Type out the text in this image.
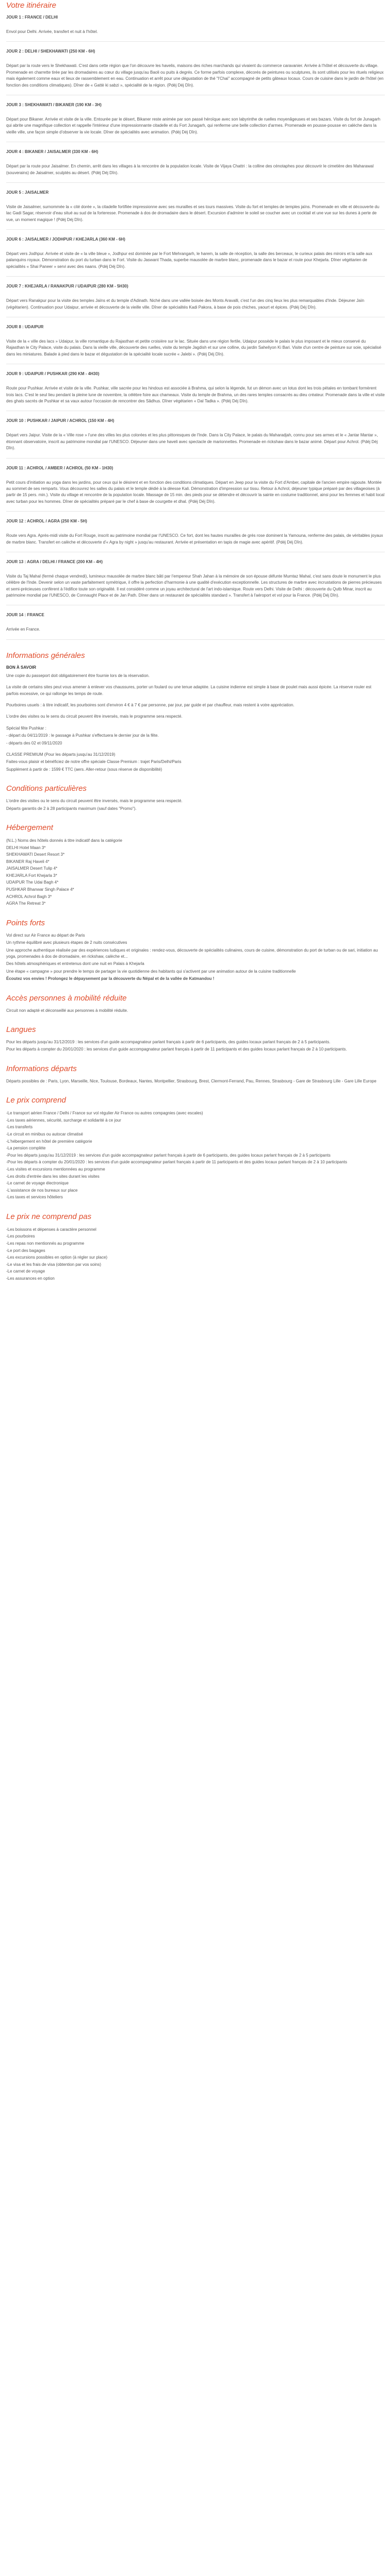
Votre itinéraire
JOUR 1 : FRANCE / DELHI

Envol pour Delhi. Arrivée, transfert et nuit à l'hôtel.

JOUR 2 : DELHI / SHEKHAWATI (250 KM - 6H)

Départ par la route vers le Shekhawati. C'est dans cette région que l'on découvre les havelis, maisons des riches marchands qui vivaient du commerce caravanier. Arrivée à l'hôtel et découverte du village. Promenade en charrette tirée par les dromadaires au cœur du village jusqu'au Baoli ou puits à degrés. Ce forme parfois complexe, décorés de peintures ou sculptures, ils sont utilisés pour les rituels religieux mais également comme eaux et lieux de rassemblement en eau. Continuation et arrêt pour une dégustation de thé "l'Chai" accompagné de petits gâteaux locaux. Cours de cuisine dans le jardin de l'hôtel (en fonction des conditions climatiques). Dîner de « Gattè ki sabzi », spécialité de la région. (Pdéj Déj Dîn).

JOUR 3 : SHEKHAWATI / BIKANER (190 KM - 3H)

Départ pour Bikaner. Arrivée et visite de la ville. Entourée par le désert, Bikaner reste animée par son passé héroïque avec son labyrinthe de ruelles moyenâgeuses et ses bazars. Visite du fort de Junagarh qui abrite une magnifique collection et rappelle l'intérieur d'une impressionnante citadelle et du Fort Junagarh, qui renferme une belle collection d'armes. Promenade en pousse-pousse en calèche dans la vieille ville, une façon simple d'observer la vie locale. Dîner de spécialités avec animation. (Pdéj Déj Dîn).

JOUR 4 : BIKANER / JAISALMER (330 KM - 6H)

Départ par la route pour Jaisalmer. En chemin, arrêt dans les villages à la rencontre de la population locale. Visite de Vijaya Chattri : la colline des cénotaphes pour découvrir le cimetière des Maharawal (souverains) de Jaisalmer, sculptés au désert. (Pdéj Déj Dîn).

JOUR 5 : JAISALMER

Visite de Jaisalmer, surnommée la « cité dorée », la citadelle fortifiée impressionne avec ses murailles et ses tours massives. Visite du fort et temples de temples jaïns. Promenade en ville et découverte du lac Gadi Sagar, réservoir d'eau situé au sud de la forteresse. Promenade à dos de dromadaire dans le désert. Excursion d'admirer le soleil se coucher avec un cocktail et une vue sur les dunes à perte de vue, un moment magique ! (Pdéj Déj Dîn).

JOUR 6 : JAISALMER / JODHPUR / KHEJARLA (360 KM - 6H)

Départ vers Jodhpur. Arrivée et visite de « la ville bleue », Jodhpur est dominée par le Fort Mehrangarh, le harem, la salle de réception, la salle des berceaux, le curieux palais des miroirs et la salle aux palanquins royaux. Démonstration du port du turban dans le Fort. Visite du Jaswant Thada, superbe mausolée de marbre blanc, promenade dans le bazar et route pour Khejarla. Dîner végétarien de spécialités « Shai Paneer » servi avec des naans. (Pdéj Déj Dîn).

JOUR 7 : KHEJARLA / RANAKPUR / UDAIPUR (280 KM - 5H30)

Départ vers Ranakpur pour la visite des temples Jaïns et du temple d'Adinath. Niché dans une vallée boisée des Monts Aravalli, c'est l'un des cinq lieux les plus remarquables d'Inde. Déjeuner Jaïn (végétarien). Continuation pour Udaipur, arrivée et découverte de la vieille ville. Dîner de spécialités Kadi Pakora, à base de pois chiches, yaourt et épices. (Pdéj Déj Dîn).

JOUR 8 : UDAIPUR

Visite de la « ville des lacs » Udaipur, la ville romantique du Rajasthan et petite croisière sur le lac. Située dans une région fertile, Udaipur possède le palais le plus imposant et le mieux conservé du Rajasthan le City Palace, visite du palais. Dans la vieille ville, découverte des ruelles, visite du temple Jagdish et sur une colline, du jardin Saheliyon Ki Bari. Visite d'un centre de peinture sur soie, spécialisé dans les miniatures. Balade à pied dans le bazar et dégustation de la spécialité locale sucrée « Jalebi ». (Pdéj Déj Dîn).

JOUR 9 : UDAIPUR / PUSHKAR (290 KM - 4H30)

Route pour Pushkar. Arrivée et visite de la ville. Pushkar, ville sacrée pour les hindous est associée à Brahma, qui selon la légende, fut un démon avec un lotus dont les trois pétales en tombant formèrent trois lacs. C'est le seul lieu pendant la pleine lune de novembre, la célèbre foire aux chameaux. Visite du temple de Brahma, un des rares temples consacrés au dieu créateur. Promenade dans la ville et visite des ghats sacrés de Pushkar et sa vaux autour l'occasion de rencontrer des Sâdhus. Dîner végétarien « Dal Tadka ». (Pdéj Déj Dîn).

JOUR 10 : PUSHKAR / JAIPUR / ACHROL (150 KM - 4H)

Départ vers Jaipur. Visite de la « Ville rose » l'une des villes les plus colorées et les plus pittoresques de l'Inde. Dans la City Palace, le palais du Maharadjah, connu pour ses armes et le « Jantar Mantar », étonnant observatoire, inscrit au patrimoine mondial par l'UNESCO. Déjeuner dans une haveli avec spectacle de marionnettes. Promenade en rickshaw dans le bazar animé. Départ pour Achrol. (Pdéj Déj Dîn).

JOUR 11 : ACHROL / AMBER / ACHROL (50 KM - 1H30)

Petit cours d'initiation au yoga dans les jardins, pour ceux qui le désirent et en fonction des conditions climatiques. Départ en Jeep pour la visite du Fort d'Amber, capitale de l'ancien empire rajpoute. Montée au sommet de ses remparts. Vous découvrez les salles du palais et le temple dédié à la déesse Kali. Démonstration d'impression sur tissu. Retour à Achrol, déjeuner typique préparé par des villageoises (à partir de 15 pers. min.). Visite du village et rencontre de la population locale. Massage de 15 min. des pieds pour se détendre et découvrir la sainte en costume traditionnel, ainsi pour les femmes et habit local avec turban pour les hommes. Dîner de spécialités préparé par le chef à base de courgette et dhal. (Pdéj Déj Dîn).

JOUR 12 : ACHROL / AGRA (250 KM - 5H)

Route vers Agra. Après-midi visite du Fort Rouge, inscrit au patrimoine mondial par l'UNESCO. Ce fort, dont les hautes murailles de grès rose dominent la Yamouna, renferme des palais, de véritables joyaux de marbre blanc. Transfert en calèche et découverte d'« Agra by night » jusqu'au restaurant. Arrivée et présentation en tapis de magie avec apéritif. (Pdéj Déj Dîn).

JOUR 13 : AGRA / DELHI / FRANCE (200 KM - 4H)

Visite du Taj Mahal (fermé chaque vendredi), lumineux mausolée de marbre blanc bâti par l'empereur Shah Jahan à la mémoire de son épouse défunte Mumtaz Mahal, c'est sans doute le monument le plus célèbre de l'Inde. Devenir selon un vaste parfaitement symétrique, il offre la perfection d'harmonie à une qualité d'exécution exceptionnelle. Les structures de marbre avec incrustations de pierres précieuses et semi-précieuses confèrent à l'édifice toute son originalité. Il est considéré comme un joyau architectural de l'art indo-islamique. Route vers Delhi. Visite de Delhi : découverte du Qutb Minar, inscrit au patrimoine mondial par l'UNESCO, de Connaught Place et de Jan Path. Dîner dans un restaurant de spécialités standard ». Transfert à l'aéroport et vol pour la France. (Pdéj Déj Dîn).

JOUR 14 : FRANCE

Arrivée en France.

Informations générales
BON À SAVOIR

Une copie du passeport doit obligatoirement être fournie lors de la réservation.

La visite de certains sites peut vous amener à enlever vos chaussures, porter un foulard ou une tenue adaptée. La cuisine indienne est simple à base de poulet mais aussi épicée. La réserve rouler est parfois excessive, ce qui rallonge les temps de route.

Pourboires usuels : à titre indicatif, les pourboires sont d'environ 4 € à 7 € par personne, par jour, par guide et par chauffeur, mais restent à votre appréciation.

L'ordre des visites ou le sens du circuit peuvent être inversés, mais le programme sera respecté.

Spécial fête Pushkar :

- départ du 04/11/2019 : le passage à Pushkar s'effectuera le dernier jour de la fête.

- départs des 02 et 09/11/2020

CLASSE PREMIUM (Pour les départs jusqu'au 31/12/2019)

Faites-vous plaisir et bénéficiez de notre offre spéciale Classe Premium : trajet Paris/Delhi/Paris

Supplément à partir de : 1599 € TTC (aers. Aller-retour (sous réserve de disponibilité)

Conditions particulières

L'ordre des visites ou le sens du circuit peuvent être inversés, mais le programme sera respecté.

Départs garantis de 2 à 28 participants maximum (sauf dates "Promo").

Hébergement
(N.L.) Noms des hôtels donnés à titre indicatif dans la catégorie
DELHI Hotel Maan 3*
SHEKHAWATI Desert Resort 3*
BIKANER Raj Haveli 4*
JAISALMER Desert Tulip 4*
KHEJARLA Fort Khejarla 3*
UDAIPUR The Udai Bagh 4*
PUSHKAR Bhanwar Singh Palace 4*
ACHROL Achrol Bagh 3*
AGRA The Retreat 3*
Points forts

Vol direct sur Air France au départ de Paris

Un rythme équilibré avec plusieurs étapes de 2 nuits consécutives

Une approche authentique réalisée par des expériences ludiques et originales : rendez-vous, découverte de spécialités culinaires, cours de cuisine, démonstration du port de turban ou de sari, initiation au yoga, promenades à dos de dromadaire, en rickshaw, calèche et...

Des hôtels atmosphériques et entretenus dont une nuit en Palais à Khejarla

Une étape « campagne » pour prendre le temps de partager la vie quotidienne des habitants qui s'activent par une animation autour de la cuisine traditionnelle

Écoutez vos envies ! Prolongez le dépaysement par la découverte du Népal et de la vallée de Katmandou !

Accès personnes à mobilité réduite

Circuit non adapté et déconseillé aux personnes à mobilité réduite.

Langues

Pour les départs jusqu'au 31/12/2019 : les services d'un guide accompagnateur parlant français à partir de 6 participants, des guides locaux parlant français de 2 à 5 participants.

Pour les départs à compter du 20/01/2020 : les services d'un guide accompagnateur parlant français à partir de 11 participants et des guides locaux parlant français de 2 à 10 participants.

Informations départs

Départs possibles de : Paris, Lyon, Marseille, Nice, Toulouse, Bordeaux, Nantes, Montpellier, Strasbourg, Brest, Clermont-Ferrand, Pau, Rennes, Strasbourg - Gare de Strasbourg Lille - Gare Lille Europe

Le prix comprend
-Le transport aérien France / Delhi / France sur vol régulier Air France ou autres compagnies (avec escales)
-Les taxes aériennes, sécurité, surcharge et solidarité à ce jour
-Les transferts
-Le circuit en minibus ou autocar climatisé
-L'hébergement en hôtel de première catégorie
-La pension complète
-Pour les départs jusqu'au 31/12/2019 : les services d'un guide accompagnateur parlant français à partir de 6 participants, des guides locaux parlant français de 2 à 5 participants
-Pour les départs à compter du 20/01/2020 : les services d'un guide accompagnateur parlant français à partir de 11 participants et des guides locaux parlant français de 2 à 10 participants
-Les visites et excursions mentionnées au programme
-Les droits d'entrée dans les sites durant les visites
-Le carnet de voyage électronique
-L'assistance de nos bureaux sur place
-Les taxes et services hôteliers
Le prix ne comprend pas
-Les boissons et dépenses à caractère personnel
-Les pourboires
-Les repas non mentionnés au programme
-Le port des bagages
-Les excursions possibles en option (à régler sur place)
-Le visa et les frais de visa (obtention par vos soins)
-Le carnet de voyage
-Les assurances en option
